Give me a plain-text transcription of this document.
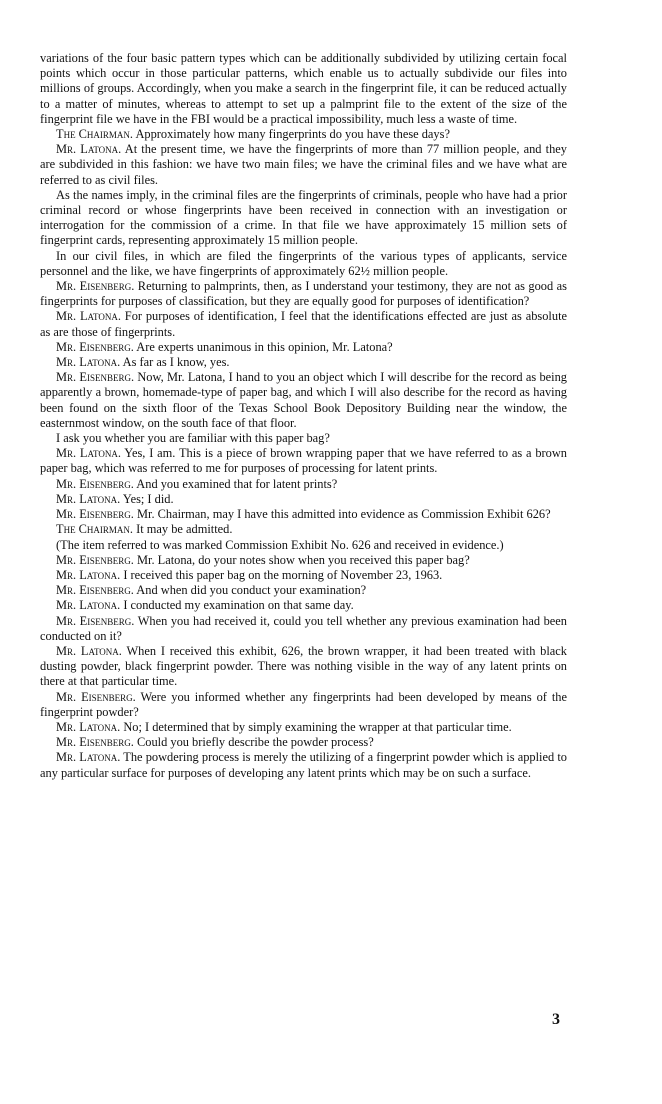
variations of the four basic pattern types which can be additionally subdivided by utilizing certain focal points which occur in those particular patterns, which enable us to actually subdivide our files into millions of groups. Accordingly, when you make a search in the fingerprint file, it can be reduced actually to a matter of minutes, whereas to attempt to set up a palmprint file to the extent of the size of the fingerprint file we have in the FBI would be a practical impossibility, much less a waste of time.

The Chairman. Approximately how many fingerprints do you have these days?

Mr. Latona. At the present time, we have the fingerprints of more than 77 million people, and they are subdivided in this fashion: we have two main files; we have the criminal files and we have what are referred to as civil files.

As the names imply, in the criminal files are the fingerprints of criminals, people who have had a prior criminal record or whose fingerprints have been received in connection with an investigation or interrogation for the commission of a crime. In that file we have approximately 15 million sets of fingerprint cards, representing approximately 15 million people.

In our civil files, in which are filed the fingerprints of the various types of applicants, service personnel and the like, we have fingerprints of approximately 62½ million people.

Mr. Eisenberg. Returning to palmprints, then, as I understand your testimony, they are not as good as fingerprints for purposes of classification, but they are equally good for purposes of identification?

Mr. Latona. For purposes of identification, I feel that the identifications effected are just as absolute as are those of fingerprints.

Mr. Eisenberg. Are experts unanimous in this opinion, Mr. Latona?

Mr. Latona. As far as I know, yes.

Mr. Eisenberg. Now, Mr. Latona, I hand to you an object which I will describe for the record as being apparently a brown, homemade-type of paper bag, and which I will also describe for the record as having been found on the sixth floor of the Texas School Book Depository Building near the window, the easternmost window, on the south face of that floor.

I ask you whether you are familiar with this paper bag?

Mr. Latona. Yes, I am. This is a piece of brown wrapping paper that we have referred to as a brown paper bag, which was referred to me for purposes of processing for latent prints.

Mr. Eisenberg. And you examined that for latent prints?

Mr. Latona. Yes; I did.

Mr. Eisenberg. Mr. Chairman, may I have this admitted into evidence as Commission Exhibit 626?

The Chairman. It may be admitted.

(The item referred to was marked Commission Exhibit No. 626 and received in evidence.)

Mr. Eisenberg. Mr. Latona, do your notes show when you received this paper bag?

Mr. Latona. I received this paper bag on the morning of November 23, 1963.

Mr. Eisenberg. And when did you conduct your examination?

Mr. Latona. I conducted my examination on that same day.

Mr. Eisenberg. When you had received it, could you tell whether any previous examination had been conducted on it?

Mr. Latona. When I received this exhibit, 626, the brown wrapper, it had been treated with black dusting powder, black fingerprint powder. There was nothing visible in the way of any latent prints on there at that particular time.

Mr. Eisenberg. Were you informed whether any fingerprints had been developed by means of the fingerprint powder?

Mr. Latona. No; I determined that by simply examining the wrapper at that particular time.

Mr. Eisenberg. Could you briefly describe the powder process?

Mr. Latona. The powdering process is merely the utilizing of a fingerprint powder which is applied to any particular surface for purposes of developing any latent prints which may be on such a surface.

3
